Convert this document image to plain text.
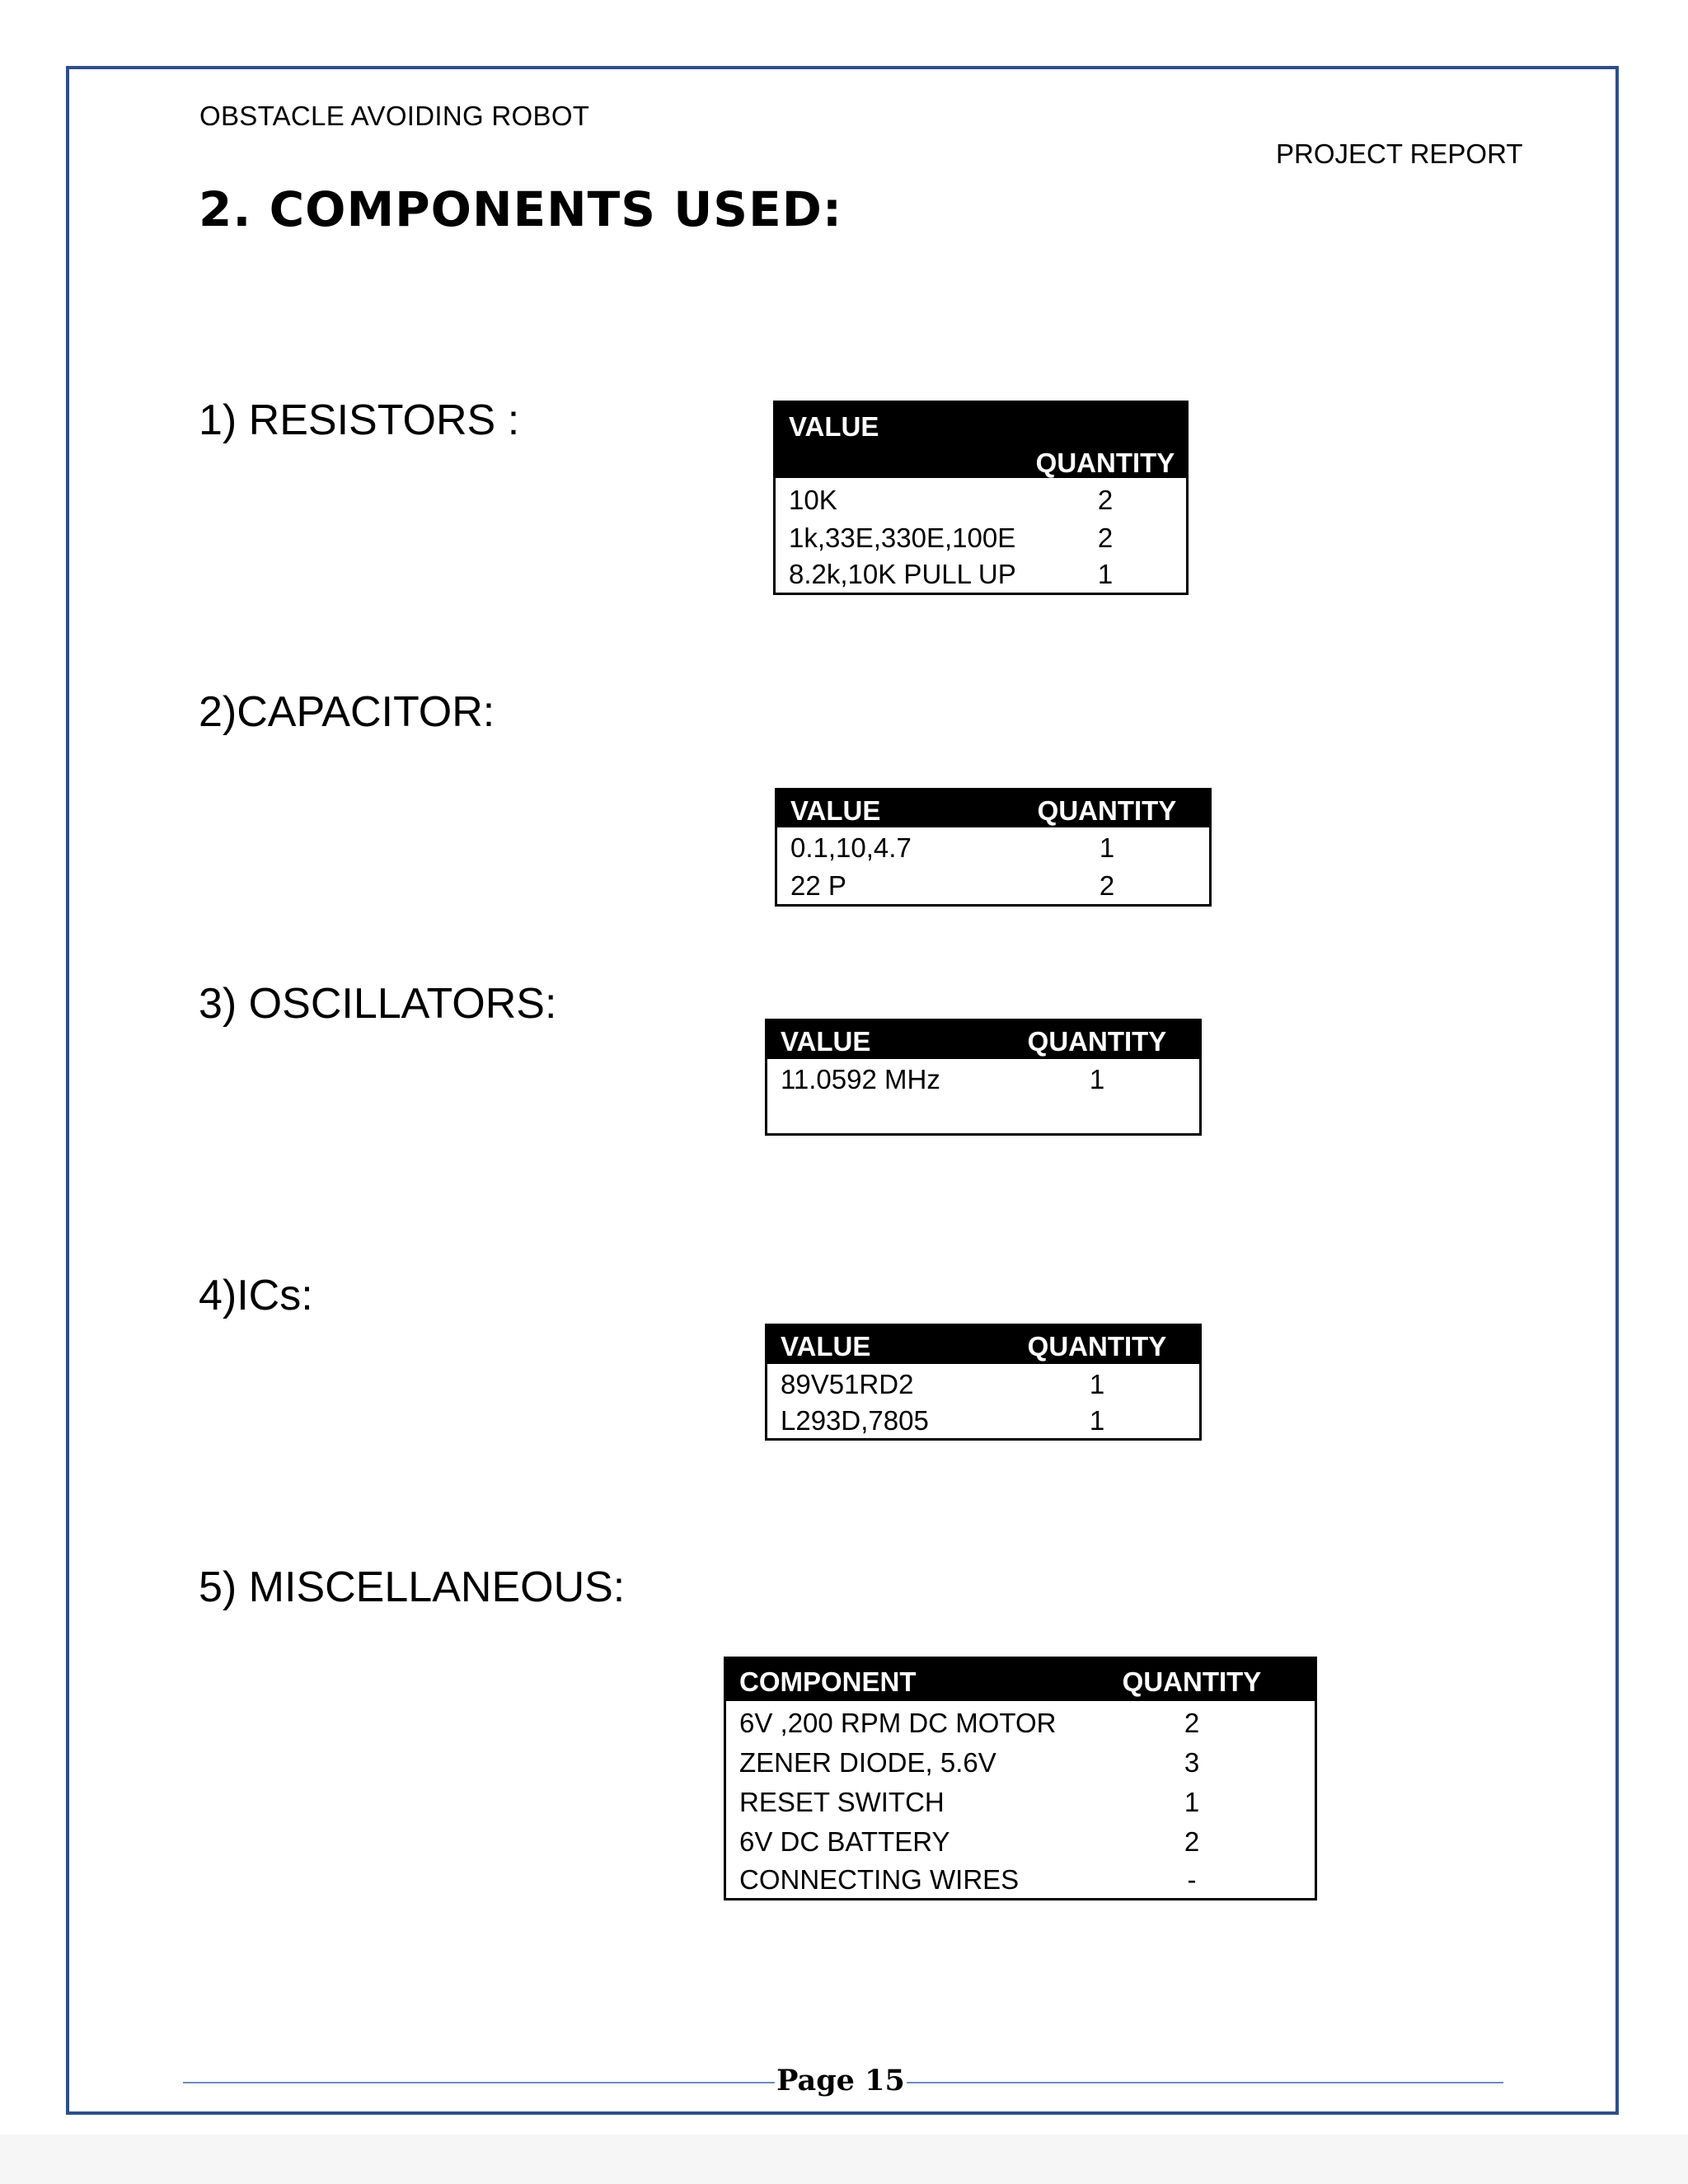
OBSTACLE AVOIDING ROBOT
PROJECT REPORT
2. COMPONENTS USED:
1) RESISTORS :	VALUE
QUANTITY
10K	2
1k,33E,330E,100E	2
8.2k,10K PULL UP	1
2)CAPACITOR:
VALUE	QUANTITY
0.1,10,4.7	1
22 P	2
3) OSCILLATORS:
VALUE	QUANTITY
11.0592 MHz	1
4)ICs:
VALUE	QUANTITY
89V51RD2	1
L293D,7805	1
5) MISCELLANEOUS:
COMPONENT	QUANTITY
6V ,200 RPM DC MOTOR	2
ZENER DIODE, 5.6V	3
RESET SWITCH	1
6V DC BATTERY	2
CONNECTING WIRES	-
Page 15
